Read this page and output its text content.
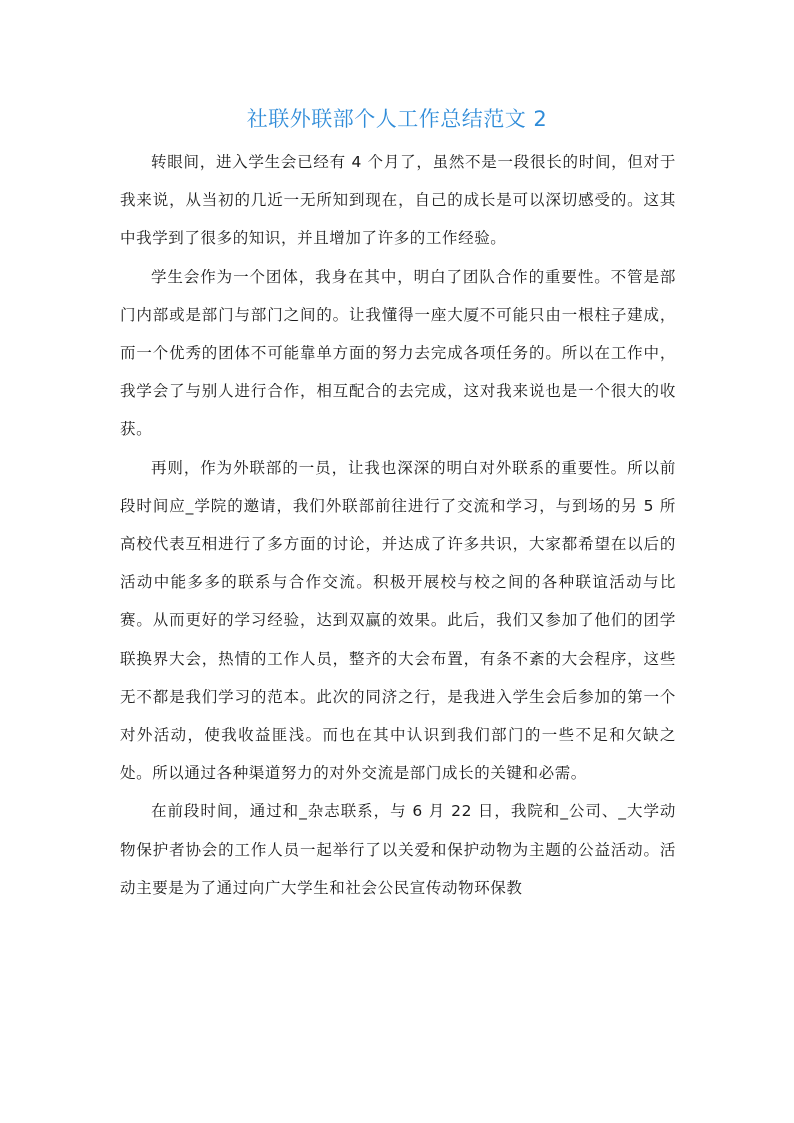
社联外联部个人工作总结范文 2

转眼间，进入学生会已经有 4 个月了，虽然不是一段很长的时间，但对于我来说，从当初的几近一无所知到现在，自己的成长是可以深切感受的。这其中我学到了很多的知识，并且增加了许多的工作经验。

学生会作为一个团体，我身在其中，明白了团队合作的重要性。不管是部门内部或是部门与部门之间的。让我懂得一座大厦不可能只由一根柱子建成，而一个优秀的团体不可能靠单方面的努力去完成各项任务的。所以在工作中，我学会了与别人进行合作，相互配合的去完成，这对我来说也是一个很大的收获。

再则，作为外联部的一员，让我也深深的明白对外联系的重要性。所以前段时间应_学院的邀请，我们外联部前往进行了交流和学习，与到场的另 5 所高校代表互相进行了多方面的讨论，并达成了许多共识，大家都希望在以后的活动中能多多的联系与合作交流。积极开展校与校之间的各种联谊活动与比赛。从而更好的学习经验，达到双赢的效果。此后，我们又参加了他们的团学联换界大会，热情的工作人员，整齐的大会布置，有条不紊的大会程序，这些无不都是我们学习的范本。此次的同济之行，是我进入学生会后参加的第一个对外活动，使我收益匪浅。而也在其中认识到我们部门的一些不足和欠缺之处。所以通过各种渠道努力的对外交流是部门成长的关键和必需。

在前段时间，通过和_杂志联系，与 6 月 22 日，我院和_公司、_大学动物保护者协会的工作人员一起举行了以关爱和保护动物为主题的公益活动。活动主要是为了通过向广大学生和社会公民宣传动物环保教
